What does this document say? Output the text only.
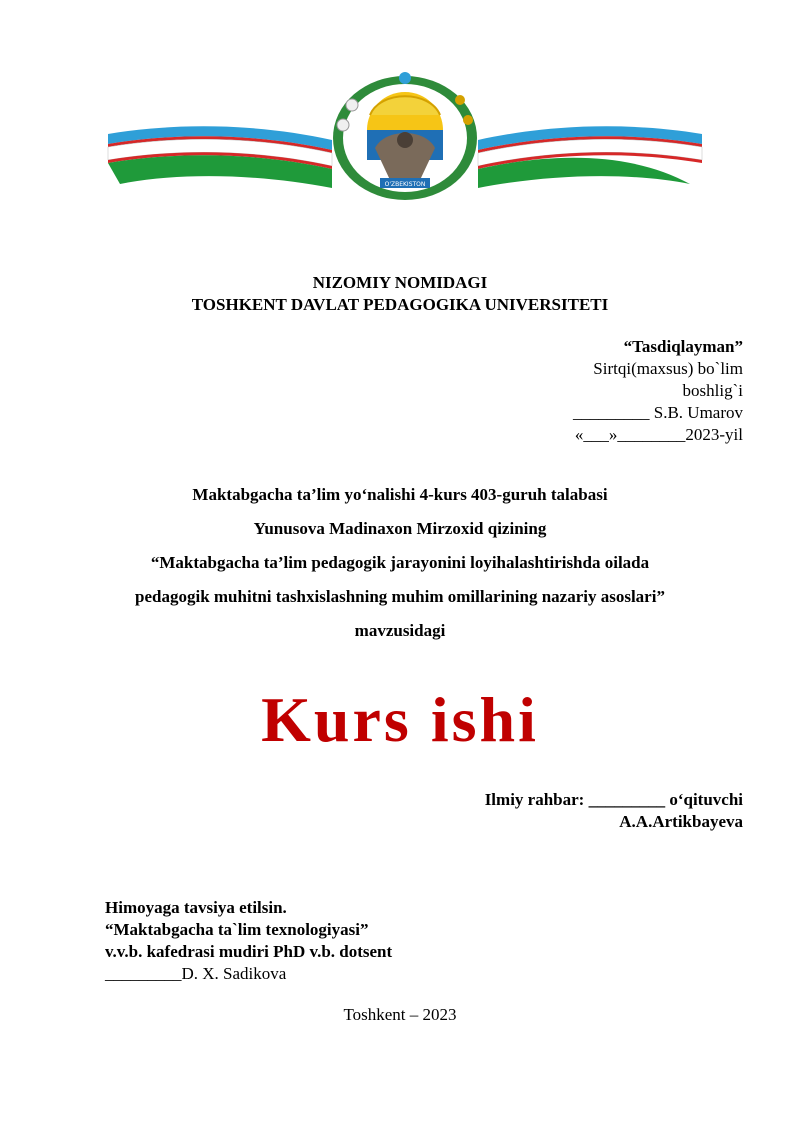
O'ZBEKISTON
NIZOMIY NOMIDAGI
TOSHKENT DAVLAT PEDAGOGIKA UNIVERSITETI
“Tasdiqlayman”
Sirtqi(maxsus) bo`lim
boshlig`i
_________ S.B. Umarov
«___»________2023-yil
Maktabgacha ta’lim yo‘nalishi 4-kurs 403-guruh talabasi
Yunusova Madinaxon Mirzoxid qizining
“Maktabgacha ta’lim pedagogik jarayonini loyihalashtirishda oilada
pedagogik muhitni tashxislashning muhim omillarining nazariy asoslari”
mavzusidagi
Kurs ishi
Ilmiy rahbar: _________ o‘qituvchi
A.A.Artikbayeva
Himoyaga tavsiya etilsin.
“Maktabgacha ta`lim texnologiyasi”
v.v.b. kafedrasi mudiri PhD v.b. dotsent
_________D. X. Sadikova
Toshkent – 2023
